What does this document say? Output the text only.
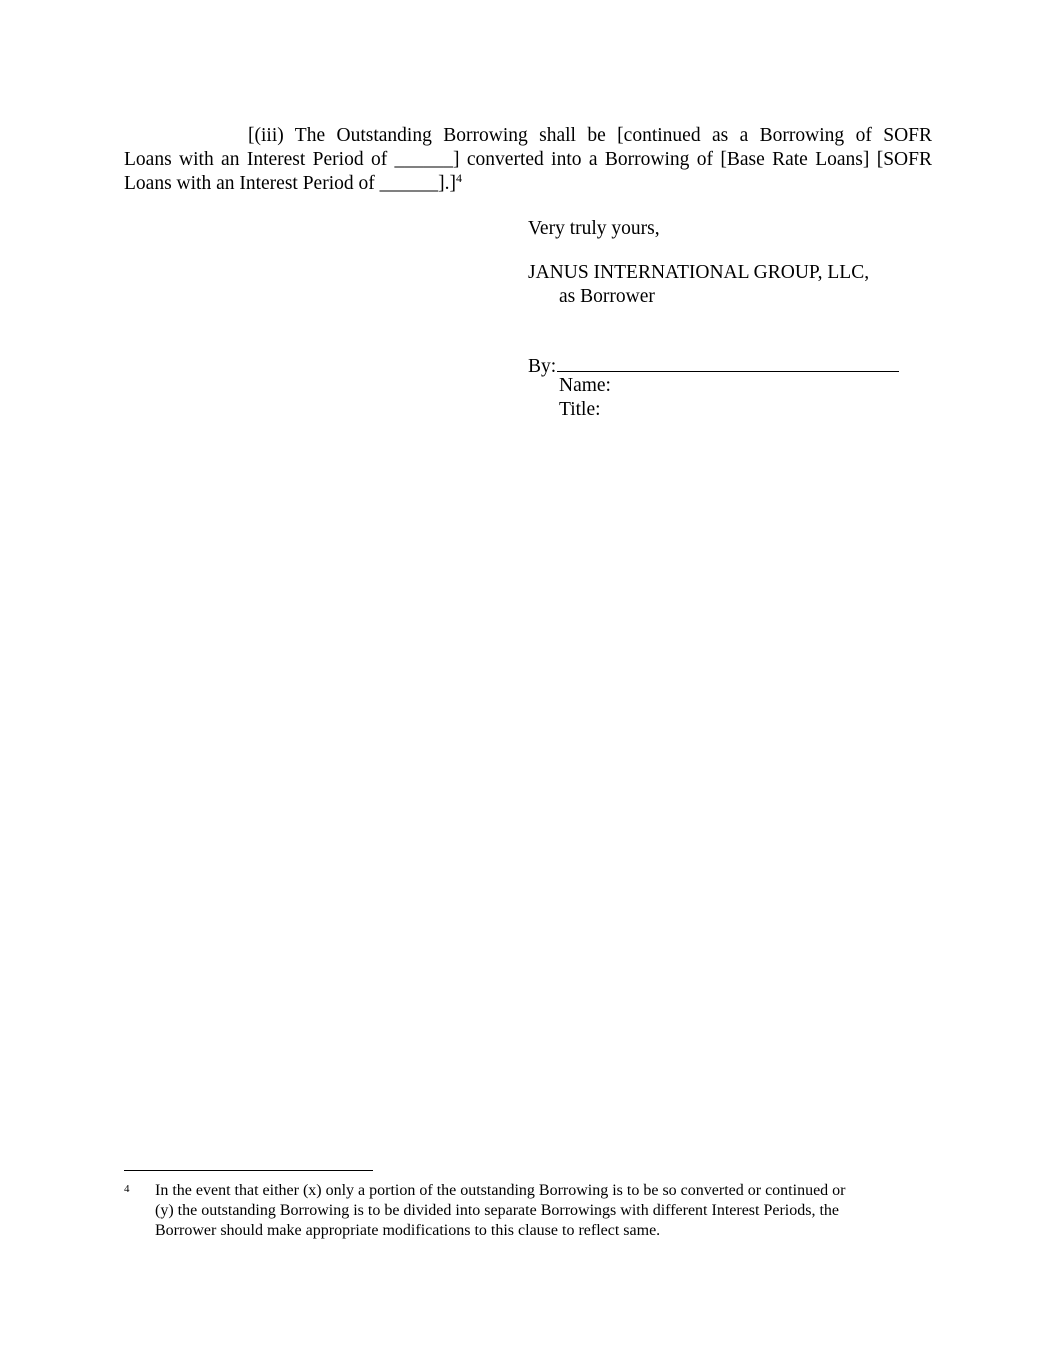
[(iii) The Outstanding Borrowing shall be [continued as a Borrowing of SOFR
Loans with an Interest Period of ______] converted into a Borrowing of [Base Rate Loans] [SOFR
Loans with an Interest Period of ______].]$^4$
Very truly yours,
JANUS INTERNATIONAL GROUP, LLC,
as Borrower
By:
Name:
Title:
4 In the event that either (x) only a portion of the outstanding Borrowing is to be so converted or continued or
(y) the outstanding Borrowing is to be divided into separate Borrowings with different Interest Periods, the
Borrower should make appropriate modifications to this clause to reflect same.
